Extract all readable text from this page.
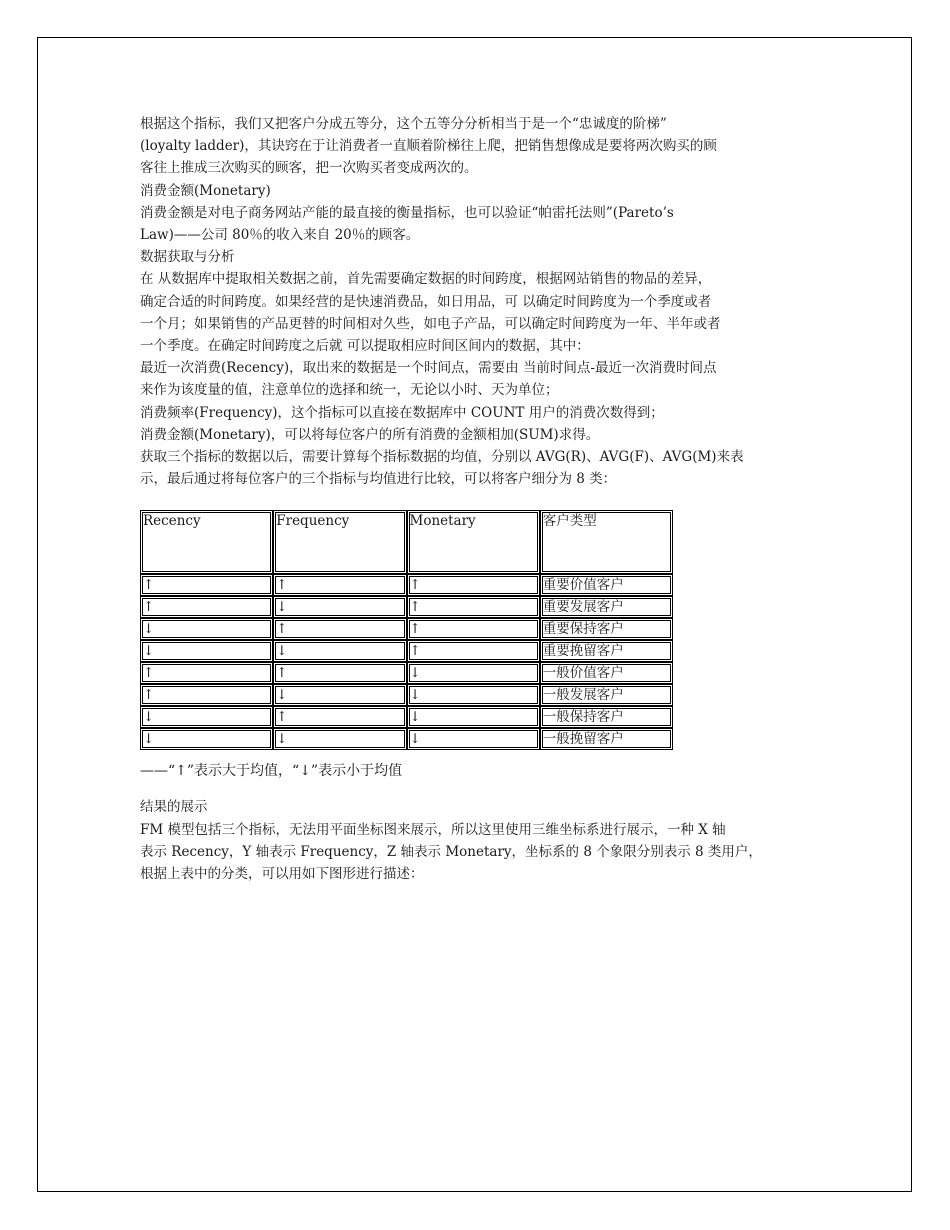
根据这个指标，我们又把客户分成五等分，这个五等分分析相当于是一个“忠诚度的阶梯”

(loyalty ladder)，其诀窍在于让消费者一直顺着阶梯往上爬，把销售想像成是要将两次购买的顾

客往上推成三次购买的顾客，把一次购买者变成两次的。

消费金额(Monetary)

消费金额是对电子商务网站产能的最直接的衡量指标，也可以验证“帕雷托法则”(Pareto’s

Law)——公司 80％的收入来自 20％的顾客。

数据获取与分析

在 从数据库中提取相关数据之前，首先需要确定数据的时间跨度，根据网站销售的物品的差异，

确定合适的时间跨度。如果经营的是快速消费品，如日用品，可 以确定时间跨度为一个季度或者

一个月；如果销售的产品更替的时间相对久些，如电子产品，可以确定时间跨度为一年、半年或者

一个季度。在确定时间跨度之后就 可以提取相应时间区间内的数据，其中：

最近一次消费(Recency)，取出来的数据是一个时间点，需要由 当前时间点-最近一次消费时间点

来作为该度量的值，注意单位的选择和统一，无论以小时、天为单位；

消费频率(Frequency)，这个指标可以直接在数据库中 COUNT 用户的消费次数得到；

消费金额(Monetary)，可以将每位客户的所有消费的金额相加(SUM)求得。

获取三个指标的数据以后，需要计算每个指标数据的均值，分别以 AVG(R)、AVG(F)、AVG(M)来表

示，最后通过将每位客户的三个指标与均值进行比较，可以将客户细分为 8 类：

Recency	Frequency	Monetary	客户类型
↑	↑	↑	重要价值客户
↑	↓	↑	重要发展客户
↓	↑	↑	重要保持客户
↓	↓	↑	重要挽留客户
↑	↑	↓	一般价值客户
↑	↓	↓	一般发展客户
↓	↑	↓	一般保持客户
↓	↓	↓	一般挽留客户

——“↑”表示大于均值，“↓”表示小于均值

结果的展示

FM 模型包括三个指标，无法用平面坐标图来展示，所以这里使用三维坐标系进行展示，一种 X 轴

表示 Recency，Y 轴表示 Frequency，Z 轴表示 Monetary，坐标系的 8 个象限分别表示 8 类用户，

根据上表中的分类，可以用如下图形进行描述：
